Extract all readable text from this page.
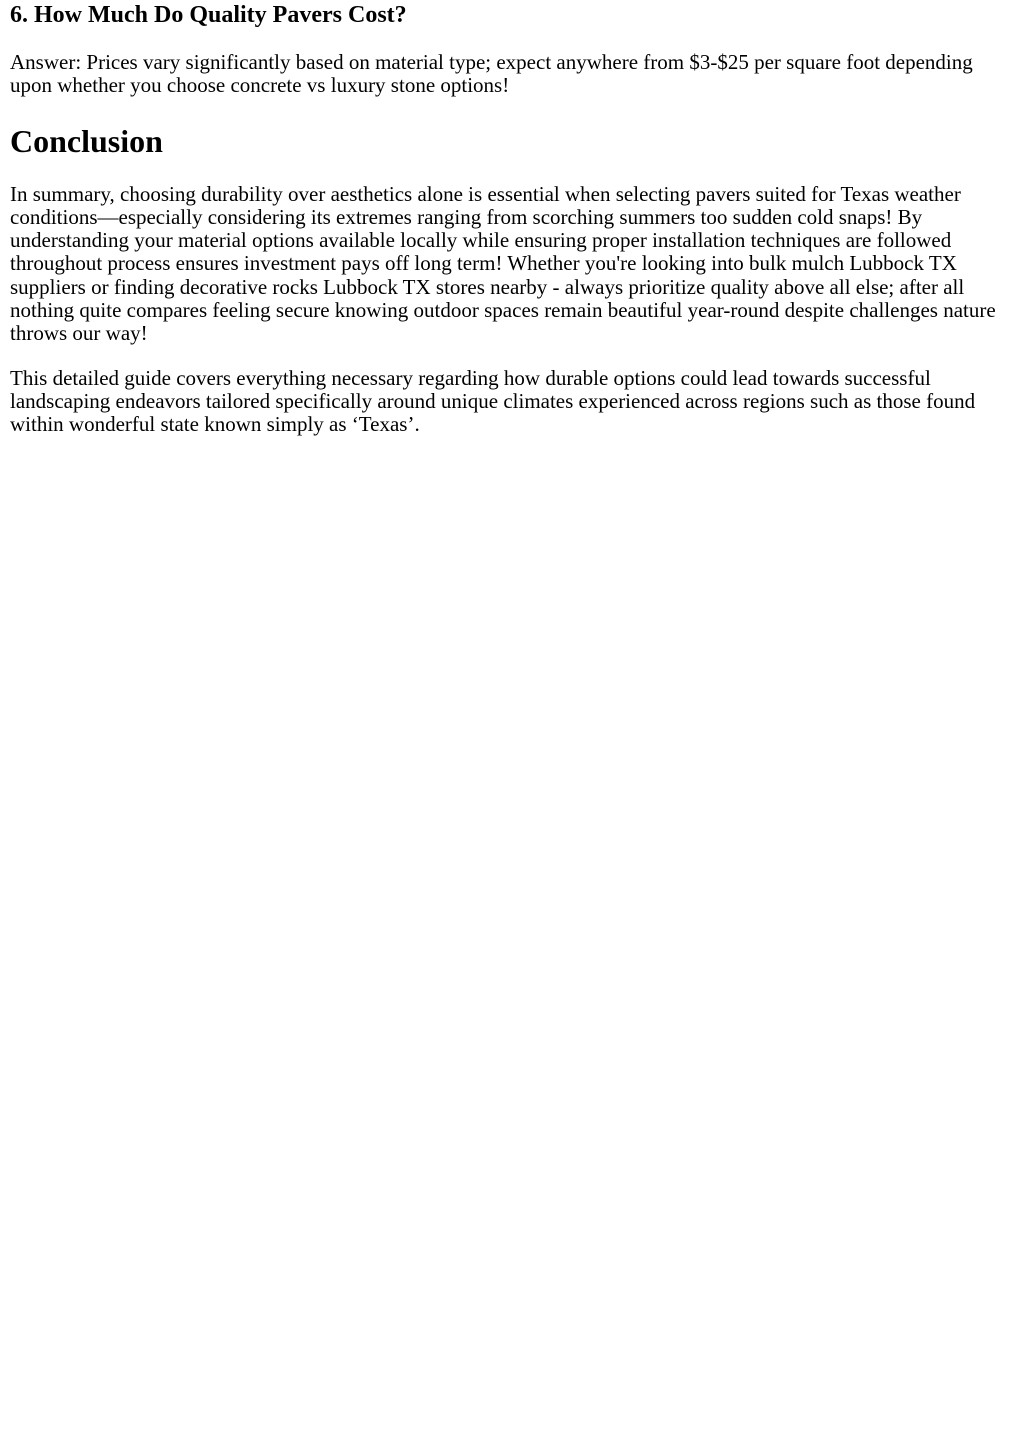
6. How Much Do Quality Pavers Cost?

Answer: Prices vary significantly based on material type; expect anywhere from $3-$25 per square foot depending upon whether you choose concrete vs luxury stone options!

Conclusion

In summary, choosing durability over aesthetics alone is essential when selecting pavers suited for Texas weather conditions—especially considering its extremes ranging from scorching summers too sudden cold snaps! By understanding your material options available locally while ensuring proper installation techniques are followed throughout process ensures investment pays off long term! Whether you're looking into bulk mulch Lubbock TX suppliers or finding decorative rocks Lubbock TX stores nearby - always prioritize quality above all else; after all nothing quite compares feeling secure knowing outdoor spaces remain beautiful year-round despite challenges nature throws our way!

This detailed guide covers everything necessary regarding how durable options could lead towards successful landscaping endeavors tailored specifically around unique climates experienced across regions such as those found within wonderful state known simply as ‘Texas’.
